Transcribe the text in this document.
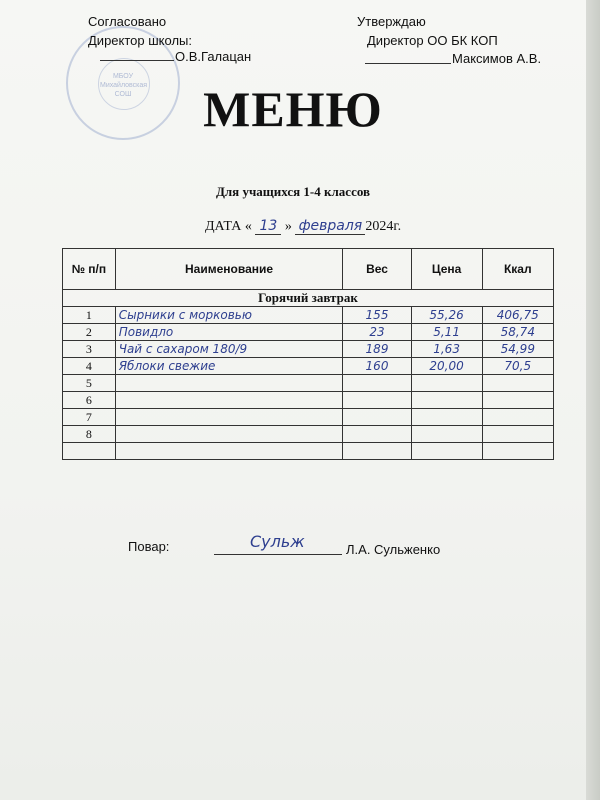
МБОУ Михайловская СОШ
Согласовано
Директор школы:
О.В.Галацан
Утверждаю
Директор ОО БК КОП
Максимов А.В.
МЕНЮ
Для учащихся 1-4 классов
ДАТА « 13 » февраля 2024г.
№ п/п	Наименование	Вес	Цена	Ккал
Горячий завтрак				
1	Сырники с морковью	155	55,26	406,75
2	Повидло	23	5,11	58,74
3	Чай с сахаром 180/9	189	1,63	54,99
4	Яблоки свежие	160	20,00	70,5
5				
6				
7				
8				

Повар:	Сульж	Л.А. Сульженко
